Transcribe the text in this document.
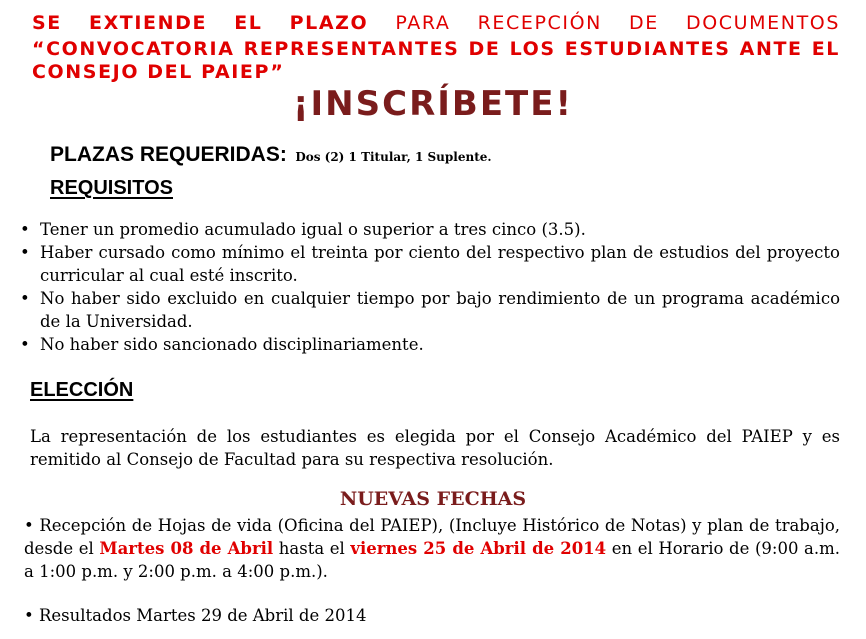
SE EXTIENDE EL PLAZO PARA RECEPCIÓN DE DOCUMENTOS
“CONVOCATORIA REPRESENTANTES DE LOS ESTUDIANTES ANTE EL
CONSEJO DEL PAIEP”
¡INSCRÍBETE!
PLAZAS REQUERIDAS: Dos (2) 1 Titular, 1 Suplente.
REQUISITOS
• Tener un promedio acumulado igual o superior a tres cinco (3.5).
• Haber cursado como mínimo el treinta por ciento del respectivo plan de estudios del proyecto curricular al cual esté inscrito.
• No haber sido excluido en cualquier tiempo por bajo rendimiento de un programa académico de la Universidad.
• No haber sido sancionado disciplinariamente.
ELECCIÓN
La representación de los estudiantes es elegida por el Consejo Académico del PAIEP y es remitido al Consejo de Facultad para su respectiva resolución.
NUEVAS FECHAS
• Recepción de Hojas de vida (Oficina del PAIEP), (Incluye Histórico de Notas) y plan de trabajo, desde el Martes 08 de Abril hasta el viernes 25 de Abril de 2014 en el Horario de (9:00 a.m. a 1:00 p.m. y 2:00 p.m. a 4:00 p.m.).
• Resultados Martes 29 de Abril de 2014
